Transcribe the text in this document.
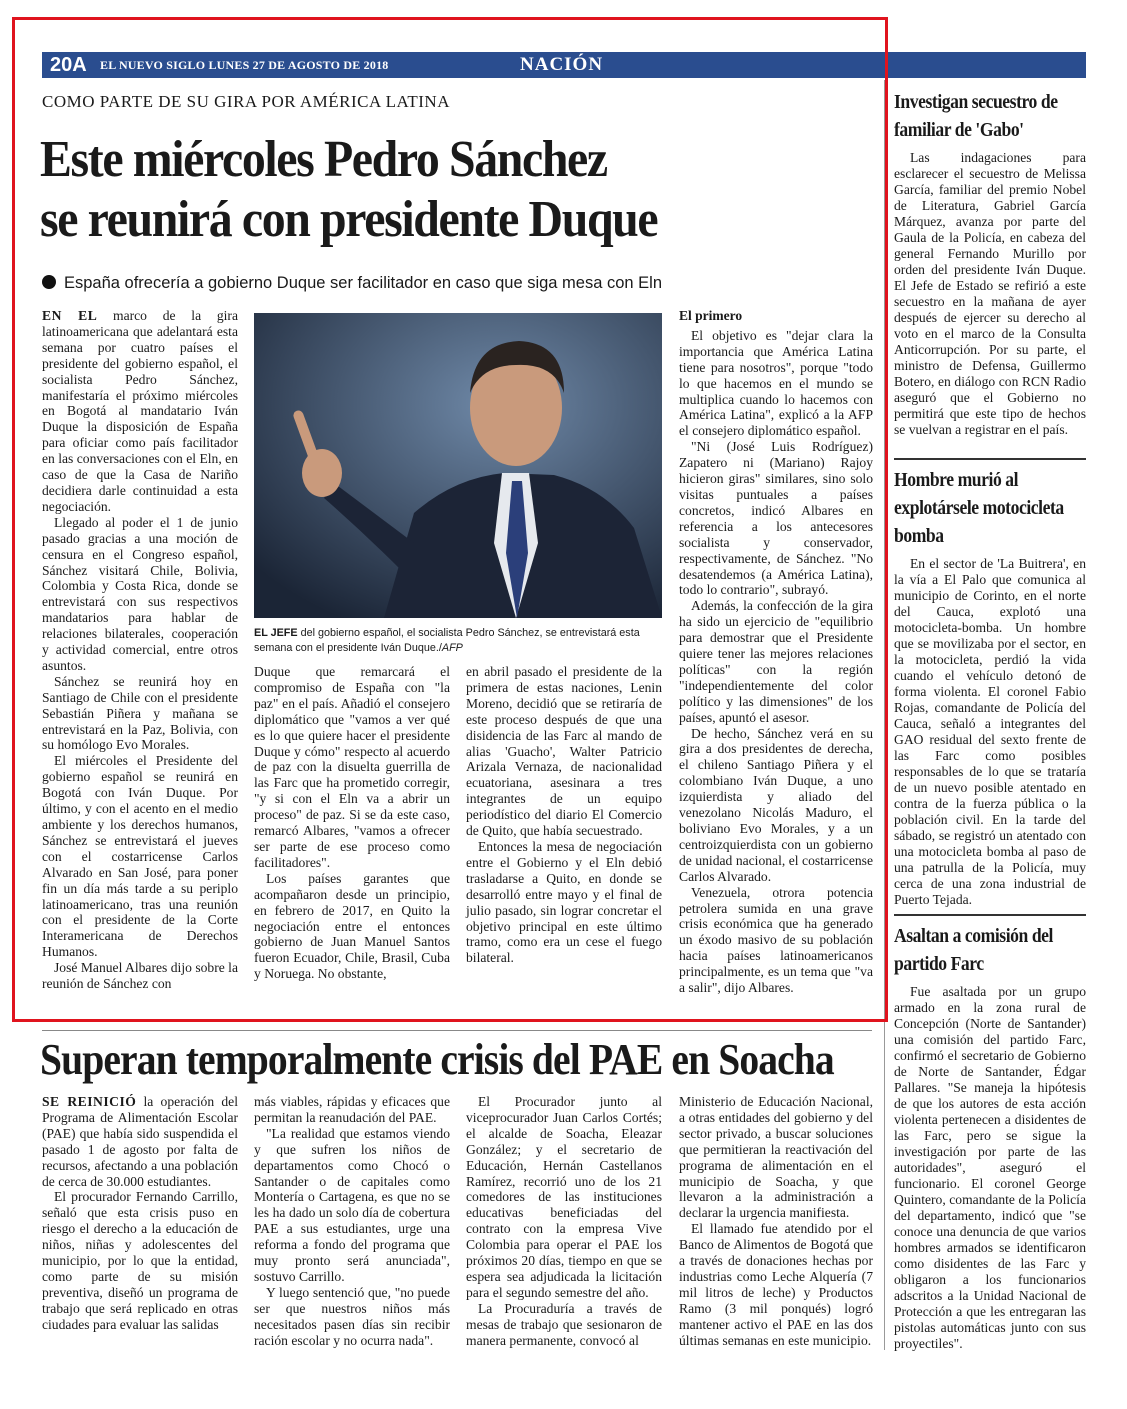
20A EL NUEVO SIGLO LUNES 27 DE AGOSTO DE 2018	NACIÓN
COMO PARTE DE SU GIRA POR AMÉRICA LATINA
Este miércoles Pedro Sánchez
se reunirá con presidente Duque
España ofrecería a gobierno Duque ser facilitador en caso que siga mesa con Eln

EN EL marco de la gira latinoamericana que adelantará esta semana por cuatro países el presidente del gobierno español, el socialista Pedro Sánchez, manifestaría el próximo miércoles en Bogotá al mandatario Iván Duque la disposición de España para oficiar como país facilitador en las conversaciones con el Eln, en caso de que la Casa de Nariño decidiera darle continuidad a esta negociación.

Llegado al poder el 1 de junio pasado gracias a una moción de censura en el Congreso español, Sánchez visitará Chile, Bolivia, Colombia y Costa Rica, donde se entrevistará con sus respectivos mandatarios para hablar de relaciones bilaterales, cooperación y actividad comercial, entre otros asuntos.

Sánchez se reunirá hoy en Santiago de Chile con el presidente Sebastián Piñera y mañana se entrevistará en la Paz, Bolivia, con su homólogo Evo Morales.

El miércoles el Presidente del gobierno español se reunirá en Bogotá con Iván Duque. Por último, y con el acento en el medio ambiente y los derechos humanos, Sánchez se entrevistará el jueves con el costarricense Carlos Alvarado en San José, para poner fin un día más tarde a su periplo latinoamericano, tras una reunión con el presidente de la Corte Interamericana de Derechos Humanos.

José Manuel Albares dijo sobre la reunión de Sánchez con

EL JEFE del gobierno español, el socialista Pedro Sánchez, se entrevistará esta semana con el presidente Iván Duque./AFP

Duque que remarcará el compromiso de España con "la paz" en el país. Añadió el consejero diplomático que "vamos a ver qué es lo que quiere hacer el presidente Duque y cómo" respecto al acuerdo de paz con la disuelta guerrilla de las Farc que ha prometido corregir, "y si con el Eln va a abrir un proceso" de paz. Si se da este caso, remarcó Albares, "vamos a ofrecer ser parte de ese proceso como facilitadores".

Los países garantes que acompañaron desde un principio, en febrero de 2017, en Quito la negociación entre el entonces gobierno de Juan Manuel Santos fueron Ecuador, Chile, Brasil, Cuba y Noruega. No obstante,

en abril pasado el presidente de la primera de estas naciones, Lenin Moreno, decidió que se retiraría de este proceso después de que una disidencia de las Farc al mando de alias 'Guacho', Walter Patricio Arizala Vernaza, de nacionalidad ecuatoriana, asesinara a tres integrantes de un equipo periodístico del diario El Comercio de Quito, que había secuestrado.

Entonces la mesa de negociación entre el Gobierno y el Eln debió trasladarse a Quito, en donde se desarrolló entre mayo y el final de julio pasado, sin lograr concretar el objetivo principal en este último tramo, como era un cese el fuego bilateral.

El primero

El objetivo es "dejar clara la importancia que América Latina tiene para nosotros", porque "todo lo que hacemos en el mundo se multiplica cuando lo hacemos con América Latina", explicó a la AFP el consejero diplomático español.

"Ni (José Luis Rodríguez) Zapatero ni (Mariano) Rajoy hicieron giras" similares, sino solo visitas puntuales a países concretos, indicó Albares en referencia a los antecesores socialista y conservador, respectivamente, de Sánchez. "No desatendemos (a América Latina), todo lo contrario", subrayó.

Además, la confección de la gira ha sido un ejercicio de "equilibrio para demostrar que el Presidente quiere tener las mejores relaciones políticas" con la región "independientemente del color político y las dimensiones" de los países, apuntó el asesor.

De hecho, Sánchez verá en su gira a dos presidentes de derecha, el chileno Santiago Piñera y el colombiano Iván Duque, a uno izquierdista y aliado del venezolano Nicolás Maduro, el boliviano Evo Morales, y a un centroizquierdista con un gobierno de unidad nacional, el costarricense Carlos Alvarado.

Venezuela, otrora potencia petrolera sumida en una grave crisis económica que ha generado un éxodo masivo de su población hacia países latinoamericanos principalmente, es un tema que "va a salir", dijo Albares.

Investigan secuestro de familiar de 'Gabo'

Las indagaciones para esclarecer el secuestro de Melissa García, familiar del premio Nobel de Literatura, Gabriel García Márquez, avanza por parte del Gaula de la Policía, en cabeza del general Fernando Murillo por orden del presidente Iván Duque. El Jefe de Estado se refirió a este secuestro en la mañana de ayer después de ejercer su derecho al voto en el marco de la Consulta Anticorrupción. Por su parte, el ministro de Defensa, Guillermo Botero, en diálogo con RCN Radio aseguró que el Gobierno no permitirá que este tipo de hechos se vuelvan a registrar en el país.

Hombre murió al explotársele motocicleta bomba

En el sector de 'La Buitrera', en la vía a El Palo que comunica al municipio de Corinto, en el norte del Cauca, explotó una motocicleta-bomba. Un hombre que se movilizaba por el sector, en la motocicleta, perdió la vida cuando el vehículo detonó de forma violenta. El coronel Fabio Rojas, comandante de Policía del Cauca, señaló a integrantes del GAO residual del sexto frente de las Farc como posibles responsables de lo que se trataría de un nuevo posible atentado en contra de la fuerza pública o la población civil. En la tarde del sábado, se registró un atentado con una motocicleta bomba al paso de una patrulla de la Policía, muy cerca de una zona industrial de Puerto Tejada.

Asaltan a comisión del partido Farc

Fue asaltada por un grupo armado en la zona rural de Concepción (Norte de Santander) una comisión del partido Farc, confirmó el secretario de Gobierno de Norte de Santander, Édgar Pallares. "Se maneja la hipótesis de que los autores de esta acción violenta pertenecen a disidentes de las Farc, pero se sigue la investigación por parte de las autoridades", aseguró el funcionario. El coronel George Quintero, comandante de la Policía del departamento, indicó que "se conoce una denuncia de que varios hombres armados se identificaron como disidentes de las Farc y obligaron a los funcionarios adscritos a la Unidad Nacional de Protección a que les entregaran las pistolas automáticas junto con sus proyectiles".

Superan temporalmente crisis del PAE en Soacha

SE REINICIÓ la operación del Programa de Alimentación Escolar (PAE) que había sido suspendida el pasado 1 de agosto por falta de recursos, afectando a una población de cerca de 30.000 estudiantes.

El procurador Fernando Carrillo, señaló que esta crisis puso en riesgo el derecho a la educación de niños, niñas y adolescentes del municipio, por lo que la entidad, como parte de su misión preventiva, diseñó un programa de trabajo que será replicado en otras ciudades para evaluar las salidas

más viables, rápidas y eficaces que permitan la reanudación del PAE.

"La realidad que estamos viendo y que sufren los niños de departamentos como Chocó o Santander o de capitales como Montería o Cartagena, es que no se les ha dado un solo día de cobertura PAE a sus estudiantes, urge una reforma a fondo del programa que muy pronto será anunciada", sostuvo Carrillo.

Y luego sentenció que, "no puede ser que nuestros niños más necesitados pasen días sin recibir ración escolar y no ocurra nada".

El Procurador junto al viceprocurador Juan Carlos Cortés; el alcalde de Soacha, Eleazar González; y el secretario de Educación, Hernán Castellanos Ramírez, recorrió uno de los 21 comedores de las instituciones educativas beneficiadas del contrato con la empresa Vive Colombia para operar el PAE los próximos 20 días, tiempo en que se espera sea adjudicada la licitación para el segundo semestre del año.

La Procuraduría a través de mesas de trabajo que sesionaron de manera permanente, convocó al

Ministerio de Educación Nacional, a otras entidades del gobierno y del sector privado, a buscar soluciones que permitieran la reactivación del programa de alimentación en el municipio de Soacha, y que llevaron a la administración a declarar la urgencia manifiesta.

El llamado fue atendido por el Banco de Alimentos de Bogotá que a través de donaciones hechas por industrias como Leche Alquería (7 mil litros de leche) y Productos Ramo (3 mil ponqués) logró mantener activo el PAE en las dos últimas semanas en este municipio.
